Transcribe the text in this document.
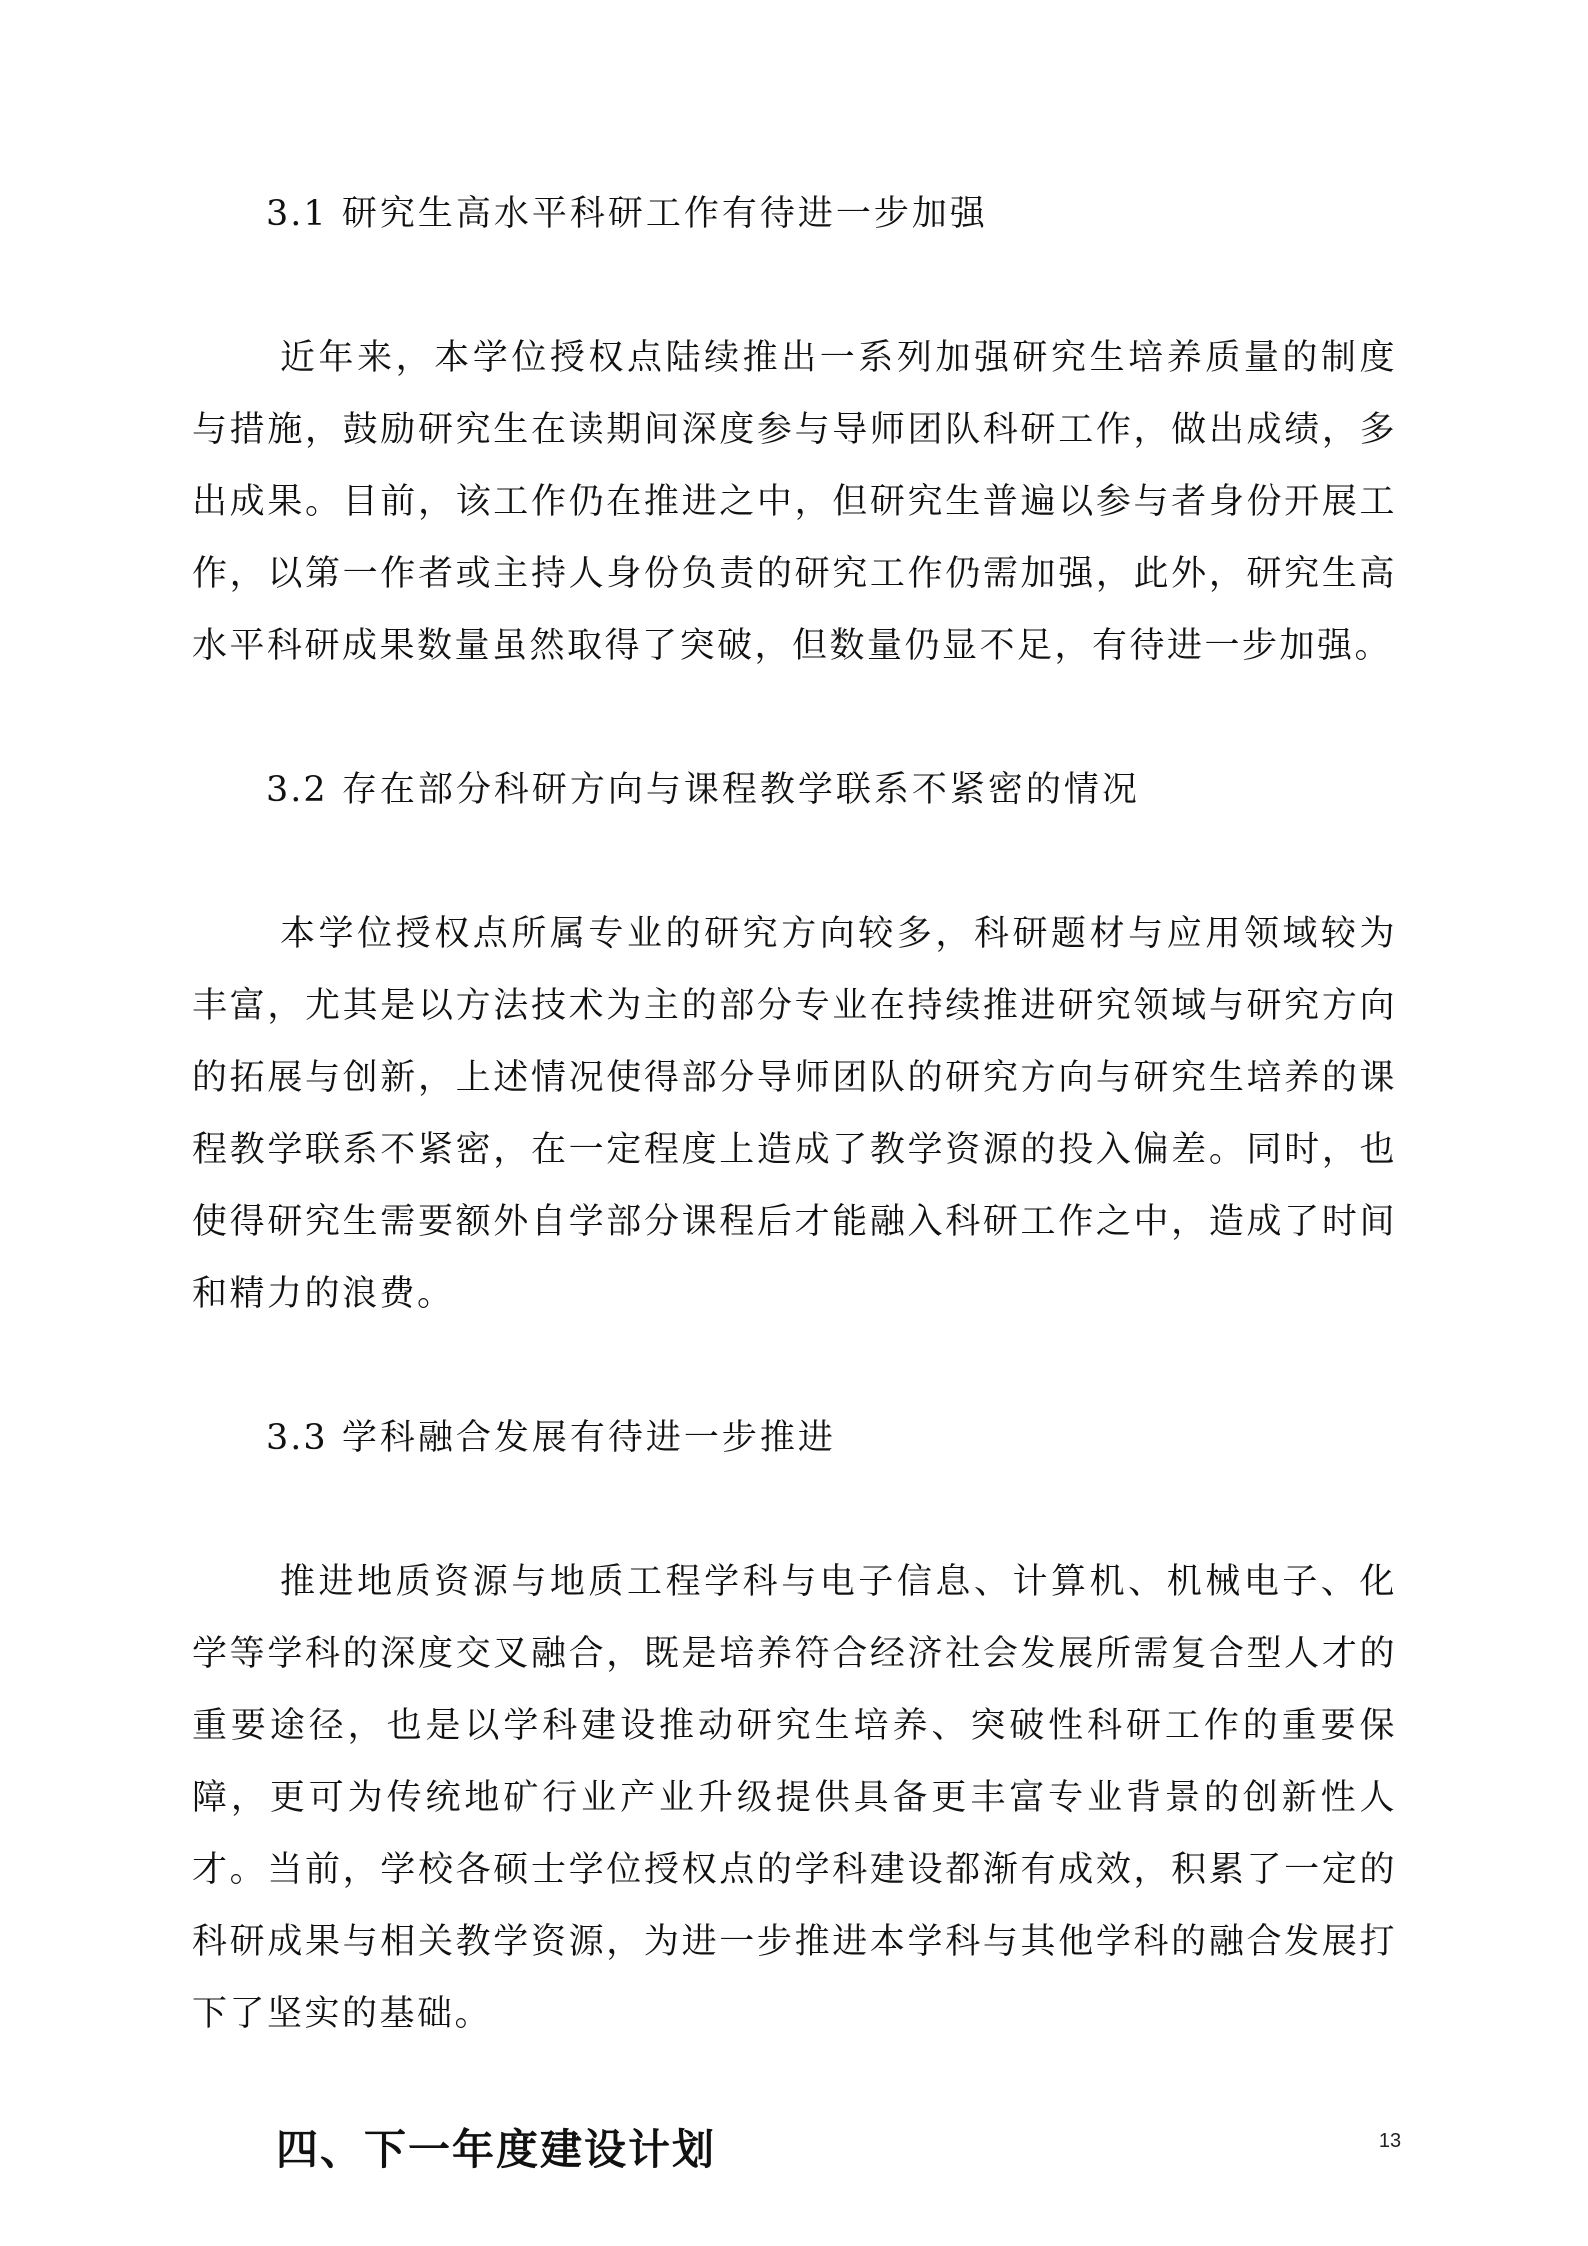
3.1 研究生高水平科研工作有待进一步加强

近年来，本学位授权点陆续推出一系列加强研究生培养质量的制度与措施，鼓励研究生在读期间深度参与导师团队科研工作，做出成绩，多出成果。目前，该工作仍在推进之中，但研究生普遍以参与者身份开展工作，以第一作者或主持人身份负责的研究工作仍需加强，此外，研究生高水平科研成果数量虽然取得了突破，但数量仍显不足，有待进一步加强。

3.2 存在部分科研方向与课程教学联系不紧密的情况

本学位授权点所属专业的研究方向较多，科研题材与应用领域较为丰富，尤其是以方法技术为主的部分专业在持续推进研究领域与研究方向的拓展与创新，上述情况使得部分导师团队的研究方向与研究生培养的课程教学联系不紧密，在一定程度上造成了教学资源的投入偏差。同时，也使得研究生需要额外自学部分课程后才能融入科研工作之中，造成了时间和精力的浪费。

3.3 学科融合发展有待进一步推进

推进地质资源与地质工程学科与电子信息、计算机、机械电子、化学等学科的深度交叉融合，既是培养符合经济社会发展所需复合型人才的重要途径，也是以学科建设推动研究生培养、突破性科研工作的重要保障，更可为传统地矿行业产业升级提供具备更丰富专业背景的创新性人才。当前，学校各硕士学位授权点的学科建设都渐有成效，积累了一定的科研成果与相关教学资源，为进一步推进本学科与其他学科的融合发展打下了坚实的基础。

四、下一年度建设计划	13
